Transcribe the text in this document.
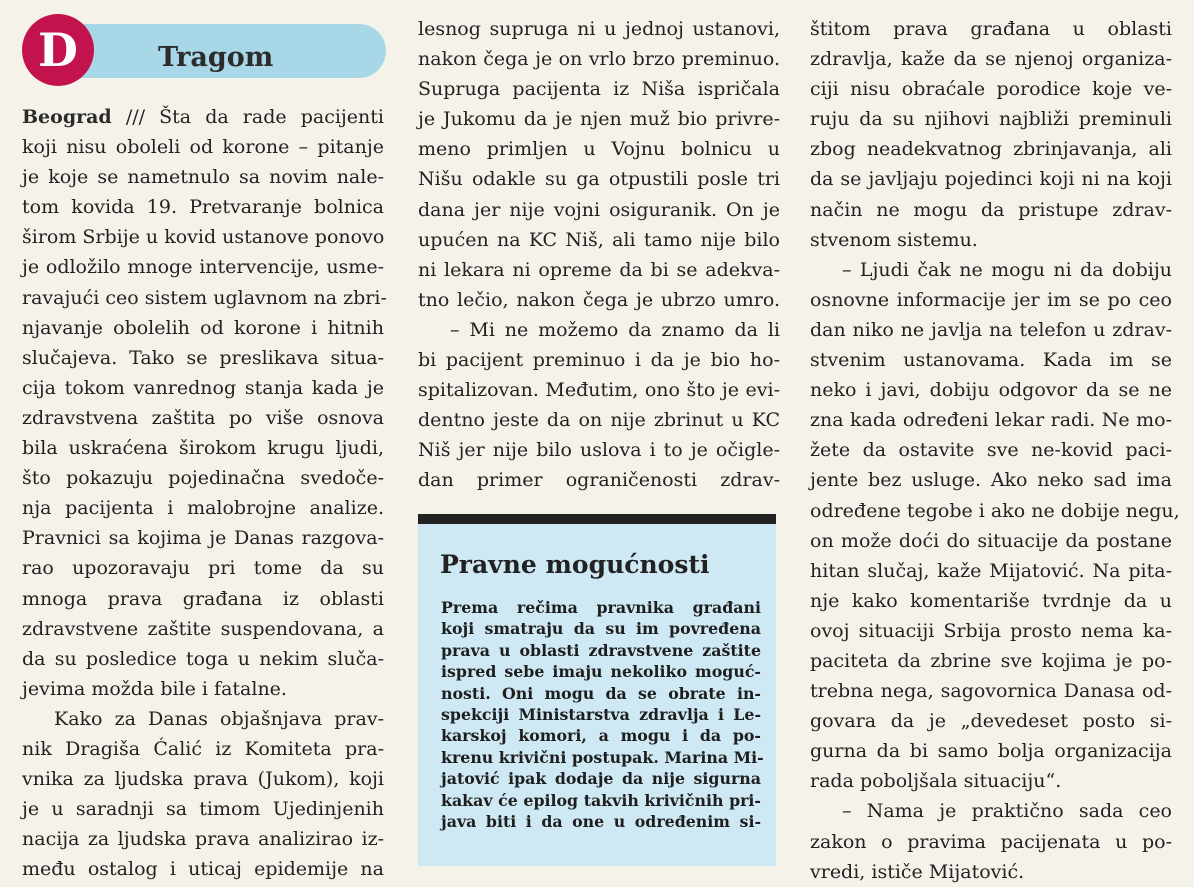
D	Tragom
Beograd /// Šta da rade pacijenti
koji nisu oboleli od korone – pitanje
je koje se nametnulo sa novim nale-
tom kovida 19. Pretvaranje bolnica
širom Srbije u kovid ustanove ponovo
je odložilo mnoge intervencije, usme-
ravajući ceo sistem uglavnom na zbri-
njavanje obolelih od korone i hitnih
slučajeva. Tako se preslikava situa-
cija tokom vanrednog stanja kada je
zdravstvena zaštita po više osnova
bila uskraćena širokom krugu ljudi,
što pokazuju pojedinačna svedoče-
nja pacijenta i malobrojne analize.
Pravnici sa kojima je Danas razgova-
rao upozoravaju pri tome da su
mnoga prava građana iz oblasti
zdravstvene zaštite suspendovana, a
da su posledice toga u nekim sluča-
jevima možda bile i fatalne.
Kako za Danas objašnjava prav-
nik Dragiša Ćalić iz Komiteta pra-
vnika za ljudska prava (Jukom), koji
je u saradnji sa timom Ujedinjenih
nacija za ljudska prava analizirao iz-
među ostalog i uticaj epidemije na
lesnog supruga ni u jednoj ustanovi,
nakon čega je on vrlo brzo preminuo.
Supruga pacijenta iz Niša ispričala
je Jukomu da je njen muž bio privre-
meno primljen u Vojnu bolnicu u
Nišu odakle su ga otpustili posle tri
dana jer nije vojni osiguranik. On je
upućen na KC Niš, ali tamo nije bilo
ni lekara ni opreme da bi se adekva-
tno lečio, nakon čega je ubrzo umro.
– Mi ne možemo da znamo da li
bi pacijent preminuo i da je bio ho-
spitalizovan. Međutim, ono što je evi-
dentno jeste da on nije zbrinut u KC
Niš jer nije bilo uslova i to je očigle-
dan primer ograničenosti zdrav-
Pravne mogućnosti
Prema rečima pravnika građani
koji smatraju da su im povređena
prava u oblasti zdravstvene zaštite
ispred sebe imaju nekoliko moguć-
nosti. Oni mogu da se obrate in-
spekciji Ministarstva zdravlja i Le-
karskoj komori, a mogu i da po-
krenu krivični postupak. Marina Mi-
jatović ipak dodaje da nije sigurna
kakav će epilog takvih krivičnih pri-
java biti i da one u određenim si-
štitom prava građana u oblasti
zdravlja, kaže da se njenoj organiza-
ciji nisu obraćale porodice koje ve-
ruju da su njihovi najbliži preminuli
zbog neadekvatnog zbrinjavanja, ali
da se javljaju pojedinci koji ni na koji
način ne mogu da pristupe zdrav-
stvenom sistemu.
– Ljudi čak ne mogu ni da dobiju
osnovne informacije jer im se po ceo
dan niko ne javlja na telefon u zdrav-
stvenim ustanovama. Kada im se
neko i javi, dobiju odgovor da se ne
zna kada određeni lekar radi. Ne mo-
žete da ostavite sve ne-kovid paci-
jente bez usluge. Ako neko sad ima
određene tegobe i ako ne dobije negu,
on može doći do situacije da postane
hitan slučaj, kaže Mijatović. Na pita-
nje kako komentariše tvrdnje da u
ovoj situaciji Srbija prosto nema ka-
paciteta da zbrine sve kojima je po-
trebna nega, sagovornica Danasa od-
govara da je „devedeset posto si-
gurna da bi samo bolja organizacija
rada poboljšala situaciju“.
– Nama je praktično sada ceo
zakon o pravima pacijenata u po-
vredi, ističe Mijatović.
